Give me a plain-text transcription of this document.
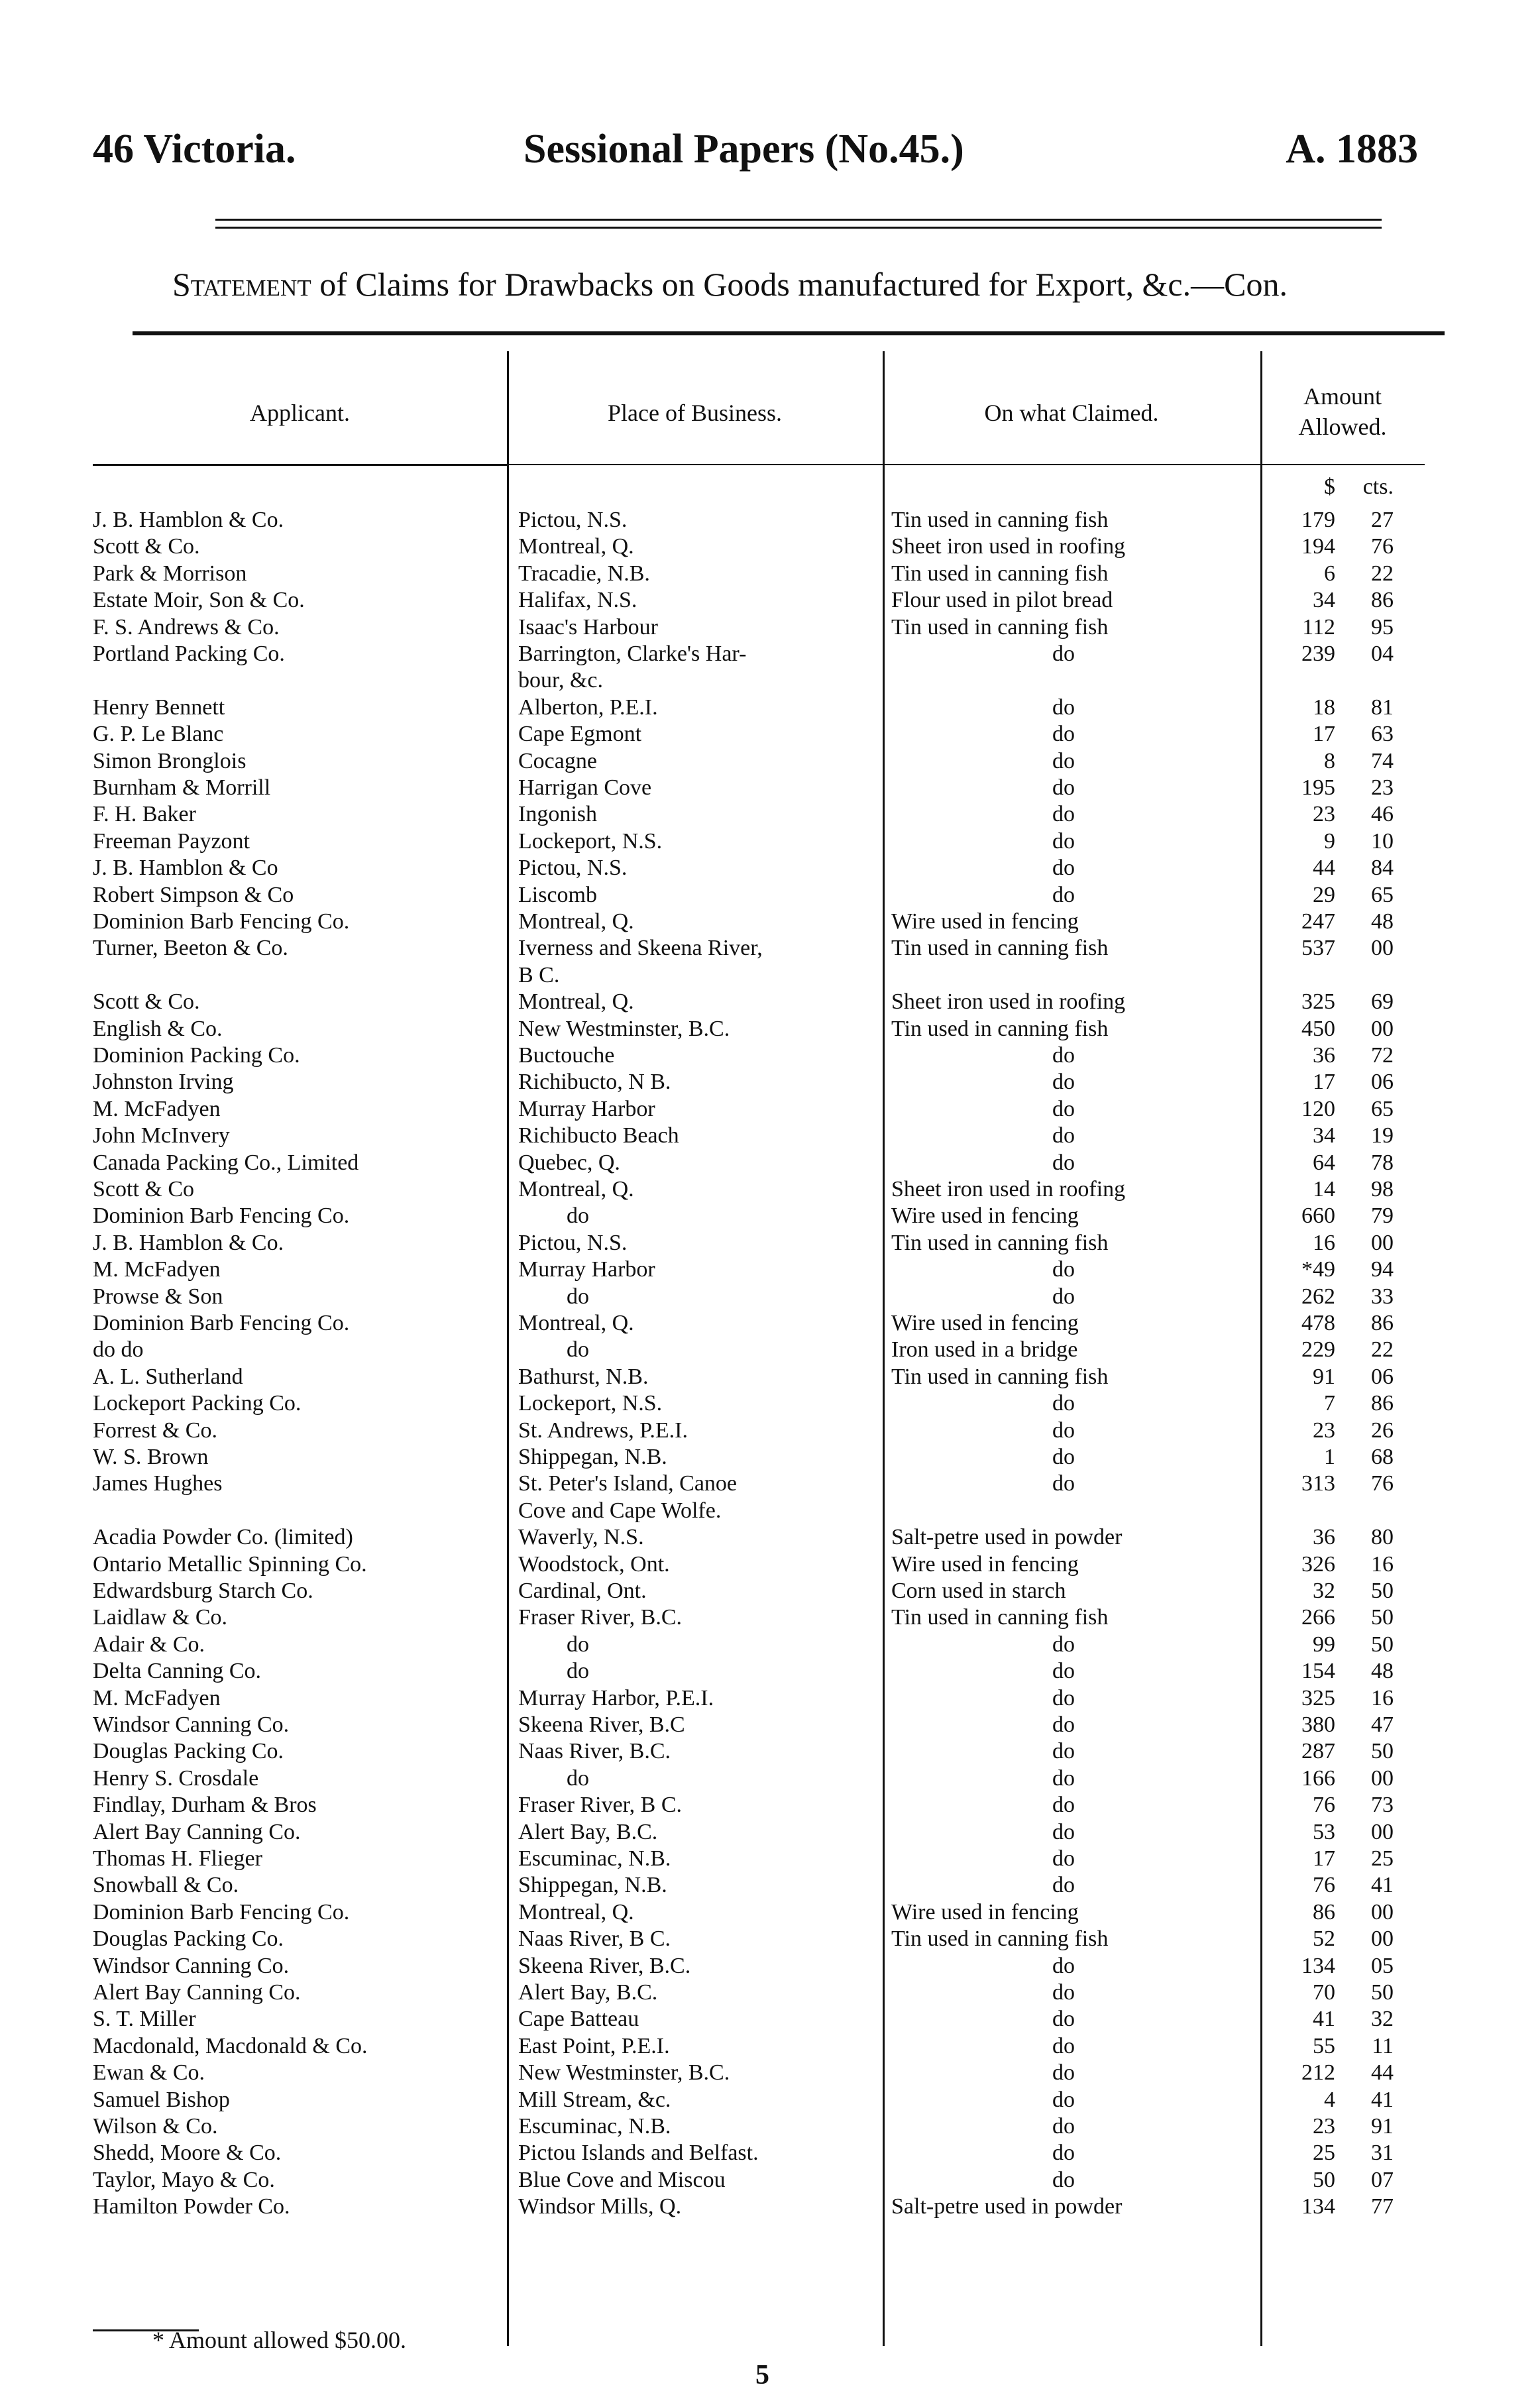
46 Victoria.	Sessional Papers (No.45.)	A. 1883
Statement of Claims for Drawbacks on Goods manufactured for Export, &c.—Con.
Applicant.	Place of Business.	On what Claimed.
Amount
Allowed.
$ cts.
J. B. Hamblon & Co.	Pictou, N.S.	Tin used in canning fish	179 27
Scott & Co.	Montreal, Q.	Sheet iron used in roofing	194 76
Park & Morrison	Tracadie, N.B.	Tin used in canning fish	6 22
Estate Moir, Son & Co.	Halifax, N.S.	Flour used in pilot bread	34 86
F. S. Andrews & Co.	Isaac's Harbour	Tin used in canning fish	112 95
Portland Packing Co.	Barrington, Clarke's Har-	do	239 04
bour, &c.
Henry Bennett	Alberton, P.E.I.	do	18 81
G. P. Le Blanc	Cape Egmont	do	17 63
Simon Bronglois	Cocagne	do	8 74
Burnham & Morrill	Harrigan Cove	do	195 23
F. H. Baker	Ingonish	do	23 46
Freeman Payzont	Lockeport, N.S.	do	9 10
J. B. Hamblon & Co	Pictou, N.S.	do	44 84
Robert Simpson & Co	Liscomb	do	29 65
Dominion Barb Fencing Co.	Montreal, Q.	Wire used in fencing	247 48
Turner, Beeton & Co.	Iverness and Skeena River,	Tin used in canning fish	537 00
B C.
Scott & Co.	Montreal, Q.	Sheet iron used in roofing	325 69
English & Co.	New Westminster, B.C.	Tin used in canning fish	450 00
Dominion Packing Co.	Buctouche	do	36 72
Johnston Irving	Richibucto, N B.	do	17 06
M. McFadyen	Murray Harbor	do	120 65
John McInvery	Richibucto Beach	do	34 19
Canada Packing Co., Limited	Quebec, Q.	do	64 78
Scott & Co	Montreal, Q.	Sheet iron used in roofing	14 98
Dominion Barb Fencing Co.	do	Wire used in fencing	660 79
J. B. Hamblon & Co.	Pictou, N.S.	Tin used in canning fish	16 00
M. McFadyen	Murray Harbor	do	*49 94
Prowse & Son	do	do	262 33
Dominion Barb Fencing Co.	Montreal, Q.	Wire used in fencing	478 86
do do	do	Iron used in a bridge	229 22
A. L. Sutherland	Bathurst, N.B.	Tin used in canning fish	91 06
Lockeport Packing Co.	Lockeport, N.S.	do	7 86
Forrest & Co.	St. Andrews, P.E.I.	do	23 26
W. S. Brown	Shippegan, N.B.	do	1 68
James Hughes	St. Peter's Island, Canoe	do	313 76
Cove and Cape Wolfe.
Acadia Powder Co. (limited)	Waverly, N.S.	Salt-petre used in powder	36 80
Ontario Metallic Spinning Co.	Woodstock, Ont.	Wire used in fencing	326 16
Edwardsburg Starch Co.	Cardinal, Ont.	Corn used in starch	32 50
Laidlaw & Co.	Fraser River, B.C.	Tin used in canning fish	266 50
Adair & Co.	do	do	99 50
Delta Canning Co.	do	do	154 48
M. McFadyen	Murray Harbor, P.E.I.	do	325 16
Windsor Canning Co.	Skeena River, B.C	do	380 47
Douglas Packing Co.	Naas River, B.C.	do	287 50
Henry S. Crosdale	do	do	166 00
Findlay, Durham & Bros	Fraser River, B C.	do	76 73
Alert Bay Canning Co.	Alert Bay, B.C.	do	53 00
Thomas H. Flieger	Escuminac, N.B.	do	17 25
Snowball & Co.	Shippegan, N.B.	do	76 41
Dominion Barb Fencing Co.	Montreal, Q.	Wire used in fencing	86 00
Douglas Packing Co.	Naas River, B C.	Tin used in canning fish	52 00
Windsor Canning Co.	Skeena River, B.C.	do	134 05
Alert Bay Canning Co.	Alert Bay, B.C.	do	70 50
S. T. Miller	Cape Batteau	do	41 32
Macdonald, Macdonald & Co.	East Point, P.E.I.	do	55 11
Ewan & Co.	New Westminster, B.C.	do	212 44
Samuel Bishop	Mill Stream, &c.	do	4 41
Wilson & Co.	Escuminac, N.B.	do	23 91
Shedd, Moore & Co.	Pictou Islands and Belfast.	do	25 31
Taylor, Mayo & Co.	Blue Cove and Miscou	do	50 07
Hamilton Powder Co.	Windsor Mills, Q.	Salt-petre used in powder	134 77
* Amount allowed $50.00.
5
